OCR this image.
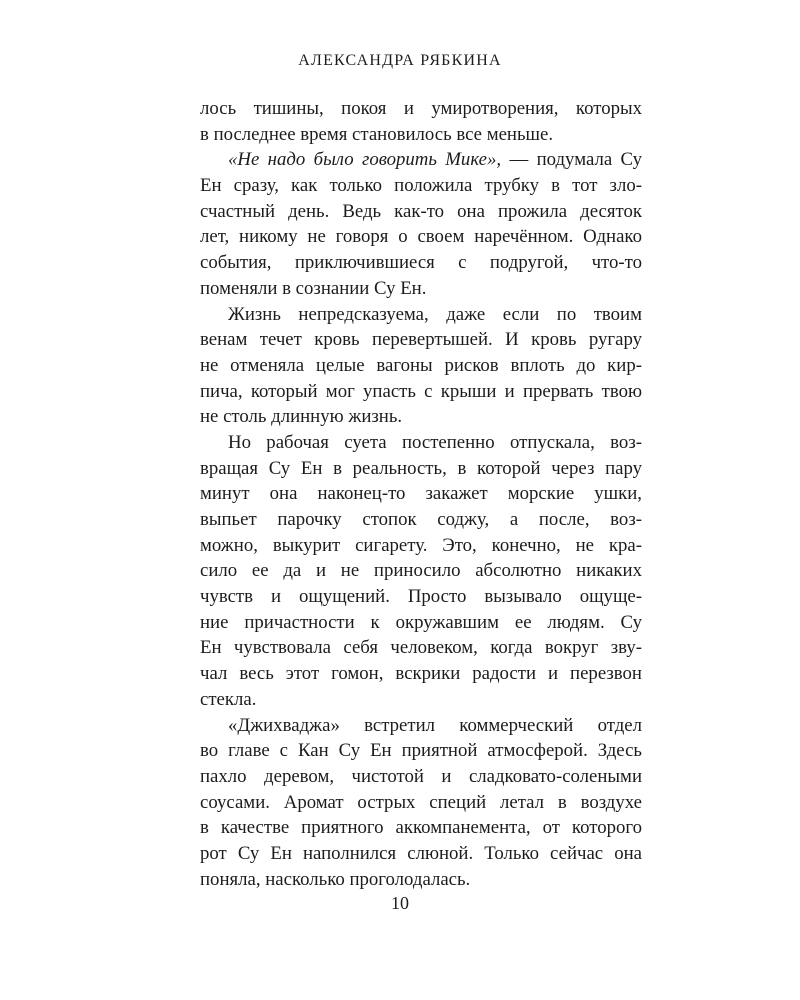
АЛЕКСАНДРА РЯБКИНА
лось тишины, покоя и умиротворения, которых
в последнее время становилось все меньше.
«Не надо было говорить Мике», — подумала Су
Ен сразу, как только положила трубку в тот зло-
счастный день. Ведь как-то она прожила десяток
лет, никому не говоря о своем наречённом. Однако
события, приключившиеся с подругой, что-то
поменяли в сознании Су Ен.
Жизнь непредсказуема, даже если по твоим
венам течет кровь перевертышей. И кровь ругару
не отменяла целые вагоны рисков вплоть до кир-
пича, который мог упасть с крыши и прервать твою
не столь длинную жизнь.
Но рабочая суета постепенно отпускала, воз-
вращая Су Ен в реальность, в которой через пару
минут она наконец-то закажет морские ушки,
выпьет парочку стопок соджу, а после, воз-
можно, выкурит сигарету. Это, конечно, не кра-
сило ее да и не приносило абсолютно никаких
чувств и ощущений. Просто вызывало ощуще-
ние причастности к окружавшим ее людям. Су
Ен чувствовала себя человеком, когда вокруг зву-
чал весь этот гомон, вскрики радости и перезвон
стекла.
«Джихваджа» встретил коммерческий отдел
во главе с Кан Су Ен приятной атмосферой. Здесь
пахло деревом, чистотой и сладковато-солеными
соусами. Аромат острых специй летал в воздухе
в качестве приятного аккомпанемента, от которого
рот Су Ен наполнился слюной. Только сейчас она
поняла, насколько проголодалась.
10
